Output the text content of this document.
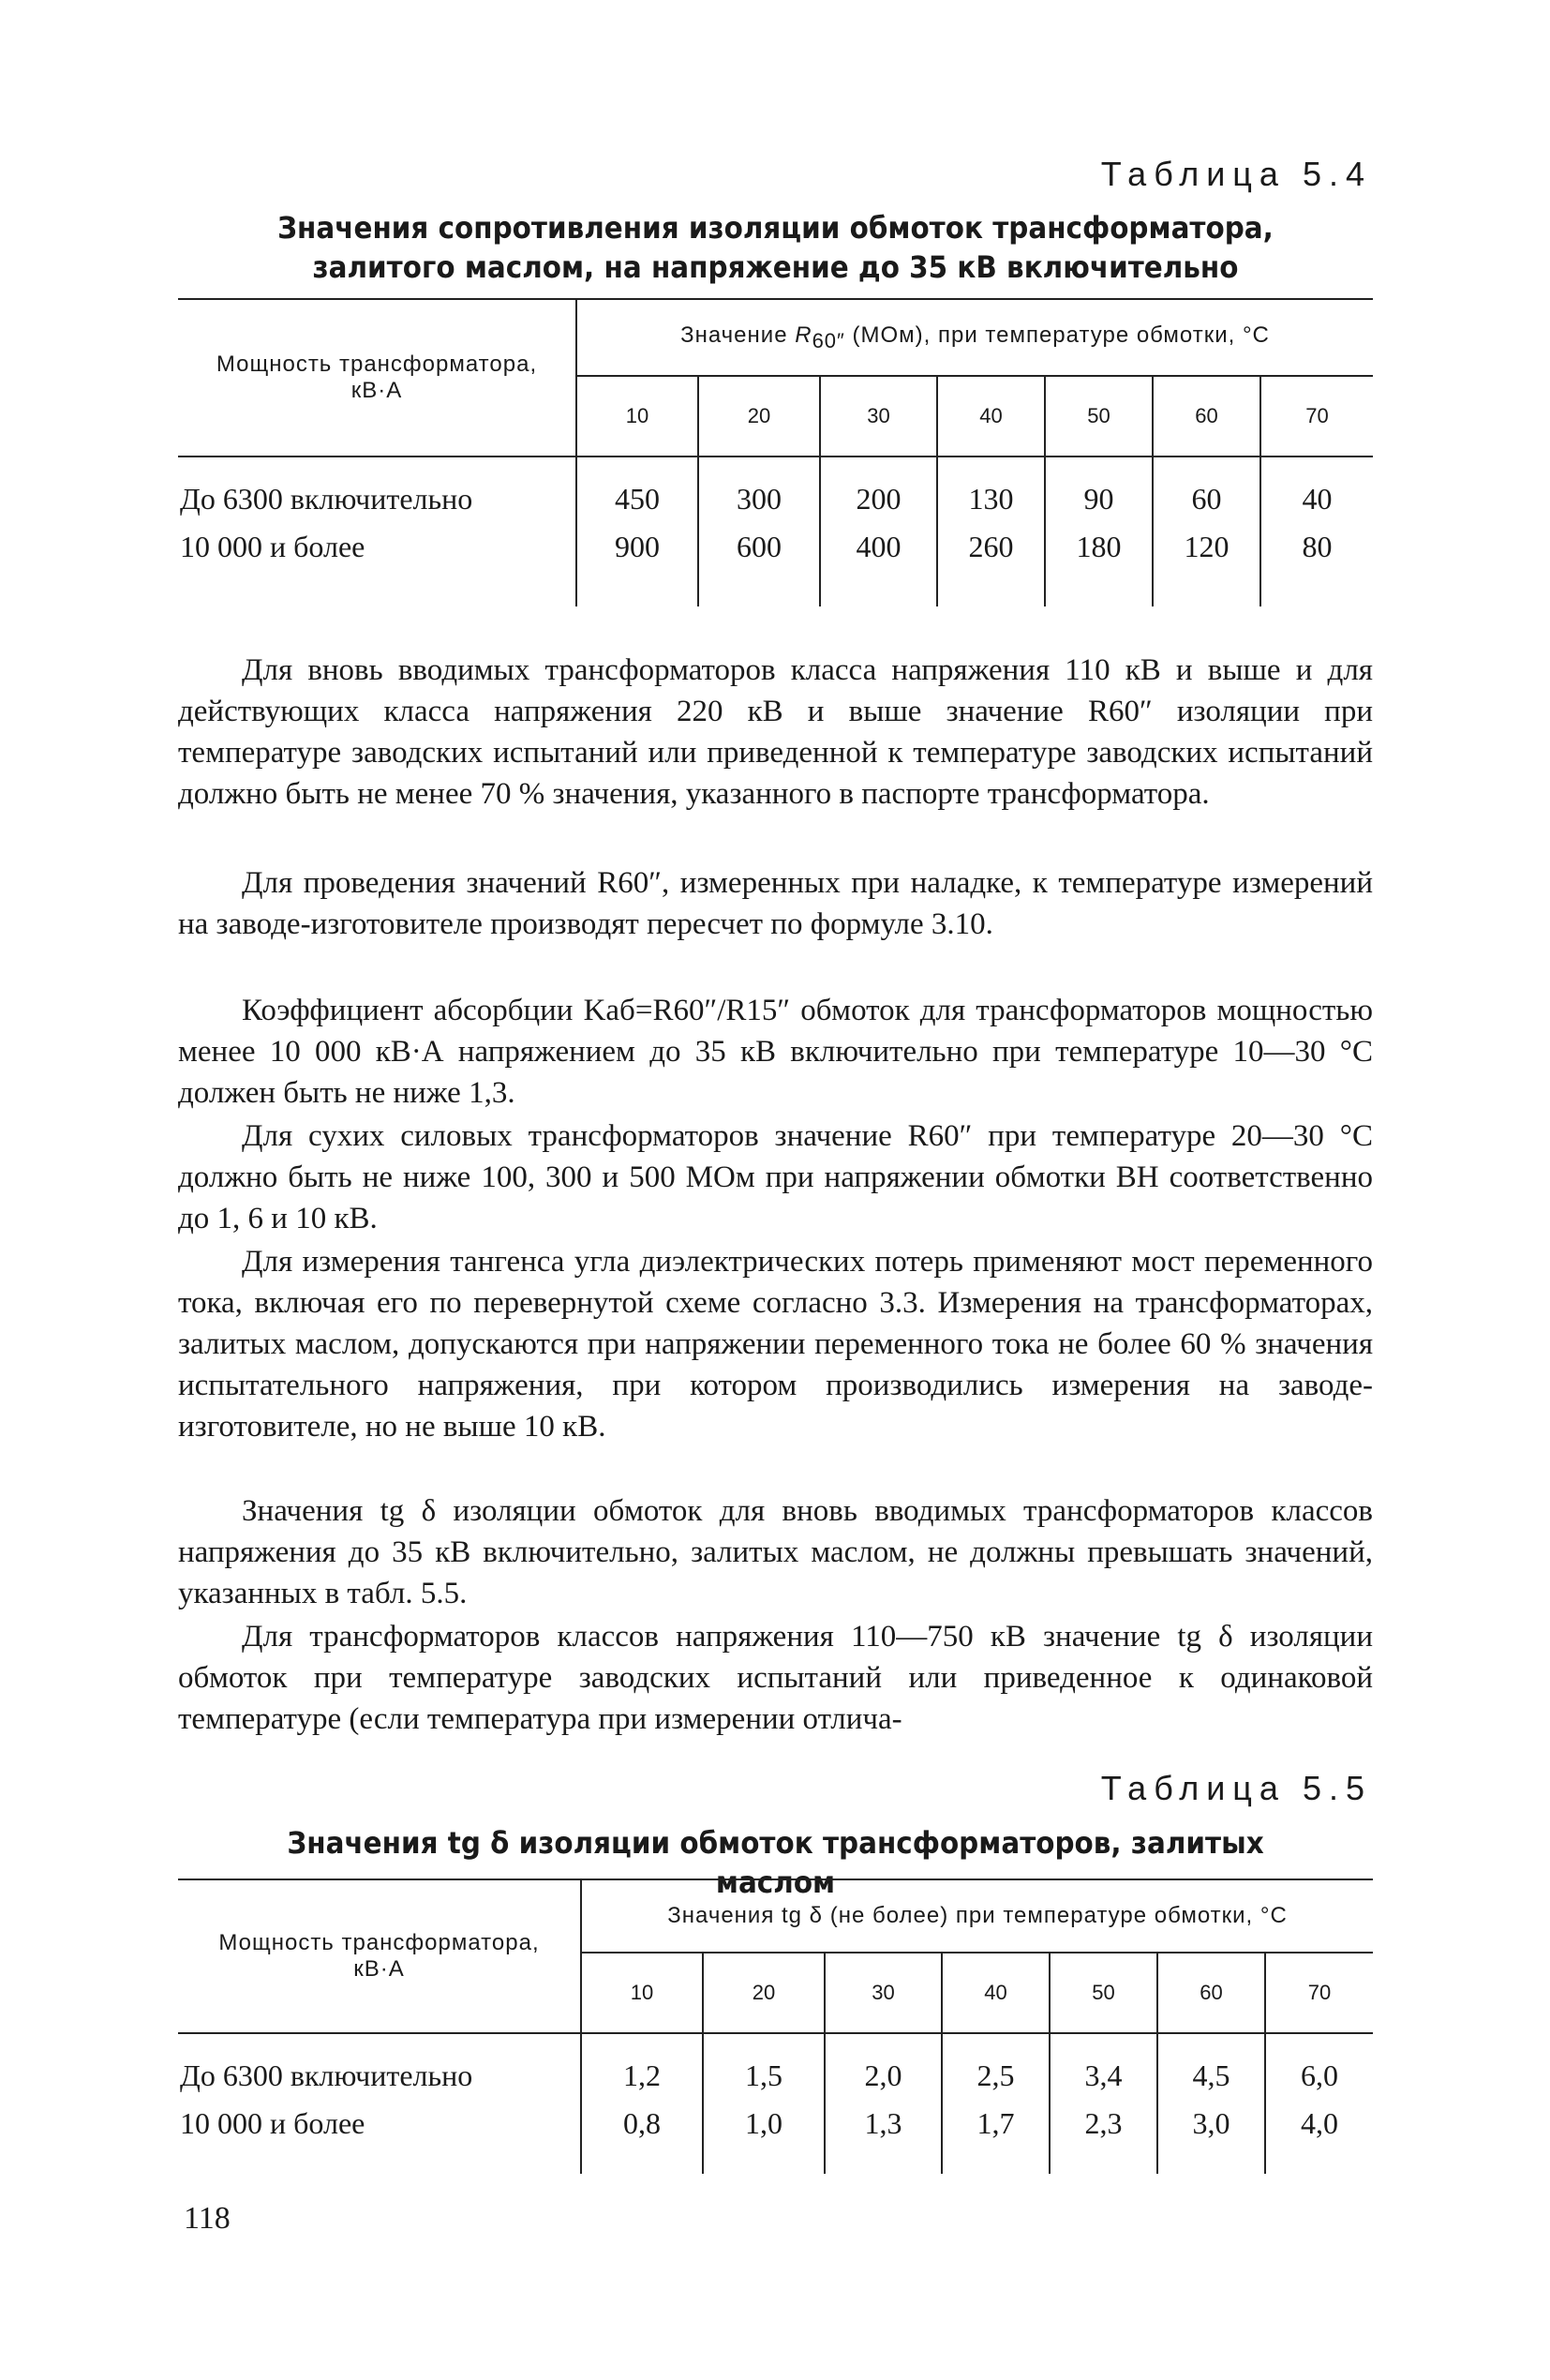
Таблица 5.4
Значения сопротивления изоляции обмоток трансформатора,
залитого маслом, на напряжение до 35 кВ включительно
Мощность трансформатора,
кВ·А	Значение $R_{60''}$ (МОм), при температуре обмотки, °С						
	10	20	30	40	50	60	70
До 6300 включительно	450	300	200	130	90	60	40
10 000 и более	900	600	400	260	180	120	80

Для вновь вводимых трансформаторов класса напряжения 110 кВ и выше и для действующих класса напряжения 220 кВ и выше значение R60″ изоляции при температуре заводских испытаний или приведенной к температуре заводских испытаний должно быть не менее 70 % значения, указанного в паспорте трансформатора.

Для проведения значений R60″, измеренных при наладке, к температуре измерений на заводе-изготовителе производят пересчет по формуле 3.10.

Коэффициент абсорбции Kаб=R60″/R15″ обмоток для трансформаторов мощностью менее 10 000 кВ·А напряжением до 35 кВ включительно при температуре 10—30 °С должен быть не ниже 1,3.

Для сухих силовых трансформаторов значение R60″ при температуре 20—30 °С должно быть не ниже 100, 300 и 500 МОм при напряжении обмотки ВН соответственно до 1, 6 и 10 кВ.

Для измерения тангенса угла диэлектрических потерь применяют мост переменного тока, включая его по перевернутой схеме согласно 3.3. Измерения на трансформаторах, залитых маслом, допускаются при напряжении переменного тока не более 60 % значения испытательного напряжения, при котором производились измерения на заводе-изготовителе, но не выше 10 кВ.

Значения tg δ изоляции обмоток для вновь вводимых трансформаторов классов напряжения до 35 кВ включительно, залитых маслом, не должны превышать значений, указанных в табл. 5.5.

Для трансформаторов классов напряжения 110—750 кВ значение tg δ изоляции обмоток при температуре заводских испытаний или приведенное к одинаковой температуре (если температура при измерении отлича-

Таблица 5.5
Значения tg δ изоляции обмоток трансформаторов, залитых маслом
Мощность трансформатора,
кВ·А	Значения tg δ (не более) при температуре обмотки, °С						
	10	20	30	40	50	60	70
До 6300 включительно	1,2	1,5	2,0	2,5	3,4	4,5	6,0
10 000 и более	0,8	1,0	1,3	1,7	2,3	3,0	4,0
118
